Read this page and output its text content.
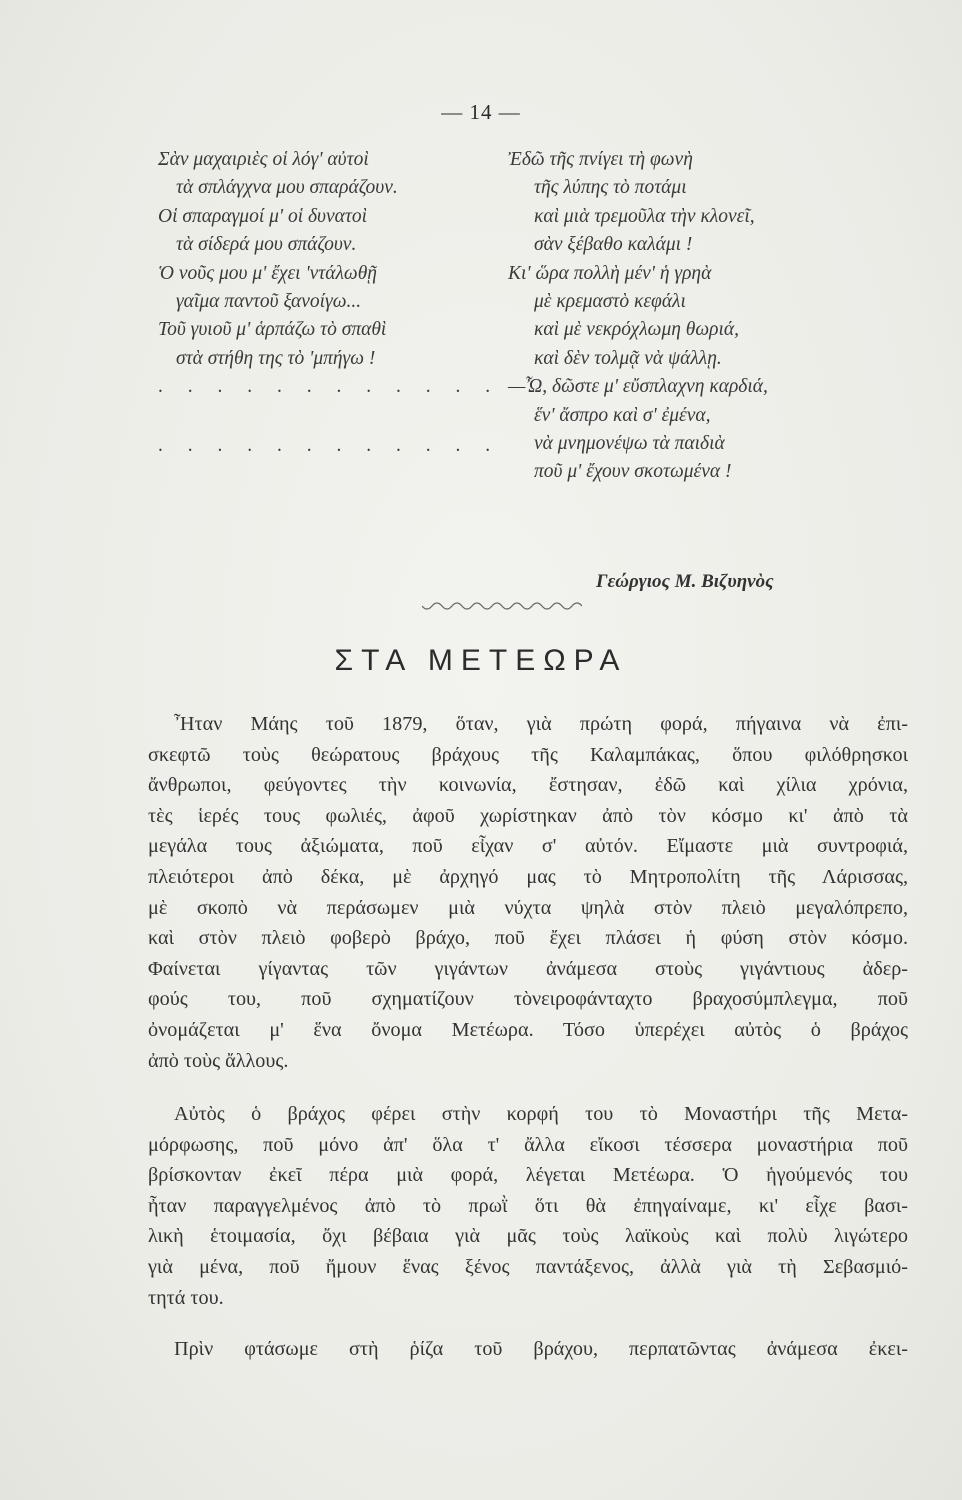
— 14 —
Σὰν μαχαιριὲς οἱ λόγ' αὐτοὶ
τὰ σπλάγχνα μου σπαράζουν.
Οἱ σπαραγμοί μ' οἱ δυνατοὶ
τὰ σίδερά μου σπάζουν.
Ὁ νοῦς μου μ' ἔχει 'ντάλωθῇ
γαῖμα παντοῦ ξανοίγω...
Τοῦ γυιοῦ μ' ἁρπάζω τὸ σπαθὶ
στὰ στήθη της τὸ 'μπήγω !
. . . . . . . . . . . .
. . . . . . . . . . . .
Ἐδῶ τῆς πνίγει τὴ φωνὴ
τῆς λύπης τὸ ποτάμι
καὶ μιὰ τρεμοῦλα τὴν κλονεῖ,
σὰν ξέβαθο καλάμι !
Κι' ὥρα πολλὴ μέν' ἡ γρηὰ
μὲ κρεμαστὸ κεφάλι
καὶ μὲ νεκρόχλωμη θωριά,
καὶ δὲν τολμᾷ νὰ ψάλλῃ.
—Ὦ, δῶστε μ' εὔσπλαχνη καρδιά,
ἕν' ἄσπρο καὶ σ' ἐμένα,
νὰ μνημονέψω τὰ παιδιὰ
ποῦ μ' ἔχουν σκοτωμένα !
Γεώργιος Μ. Βιζυηνὸς
ΣΤΑ ΜΕΤΕΩΡΑ
Ἦταν Μάης τοῦ 1879, ὅταν, γιὰ πρώτη φορά, πήγαινα νὰ ἐπι-
σκεφτῶ τοὺς θεώρατους βράχους τῆς Καλαμπάκας, ὅπου φιλόθρησκοι
ἄνθρωποι, φεύγοντες τὴν κοινωνία, ἔστησαν, ἐδῶ καὶ χίλια χρόνια,
τὲς ἱερές τους φωλιές, ἀφοῦ χωρίστηκαν ἀπὸ τὸν κόσμο κι' ἀπὸ τὰ
μεγάλα τους ἀξιώματα, ποῦ εἶχαν σ' αὐτόν. Εἴμαστε μιὰ συντροφιά,
πλειότεροι ἀπὸ δέκα, μὲ ἀρχηγό μας τὸ Μητροπολίτη τῆς Λάρισσας,
μὲ σκοπὸ νὰ περάσωμεν μιὰ νύχτα ψηλὰ στὸν πλειὸ μεγαλόπρεπο,
καὶ στὸν πλειὸ φοβερὸ βράχο, ποῦ ἔχει πλάσει ἡ φύση στὸν κόσμο.
Φαίνεται γίγαντας τῶν γιγάντων ἀνάμεσα στοὺς γιγάντιους ἀδερ-
φούς του, ποῦ σχηματίζουν τὸνειροφάνταχτο βραχοσύμπλεγμα, ποῦ
ὀνομάζεται μ' ἕνα ὄνομα Μετέωρα. Τόσο ὑπερέχει αὐτὸς ὁ βράχος
ἀπὸ τοὺς ἄλλους.
Αὐτὸς ὁ βράχος φέρει στὴν κορφή του τὸ Μοναστήρι τῆς Μετα-
μόρφωσης, ποῦ μόνο ἀπ' ὅλα τ' ἄλλα εἴκοσι τέσσερα μοναστήρια ποῦ
βρίσκονταν ἐκεῖ πέρα μιὰ φορά, λέγεται Μετέωρα. Ὁ ἡγούμενός του
ἦταν παραγγελμένος ἀπὸ τὸ πρωῒ ὅτι θὰ ἐπηγαίναμε, κι' εἶχε βασι-
λικὴ ἑτοιμασία, ὄχι βέβαια γιὰ μᾶς τοὺς λαϊκοὺς καὶ πολὺ λιγώτερο
γιὰ μένα, ποῦ ἤμουν ἕνας ξένος παντάξενος, ἀλλὰ γιὰ τὴ Σεβασμιό-
τητά του.
Πρὶν φτάσωμε στὴ ῥίζα τοῦ βράχου, περπατῶντας ἀνάμεσα ἐκει-
